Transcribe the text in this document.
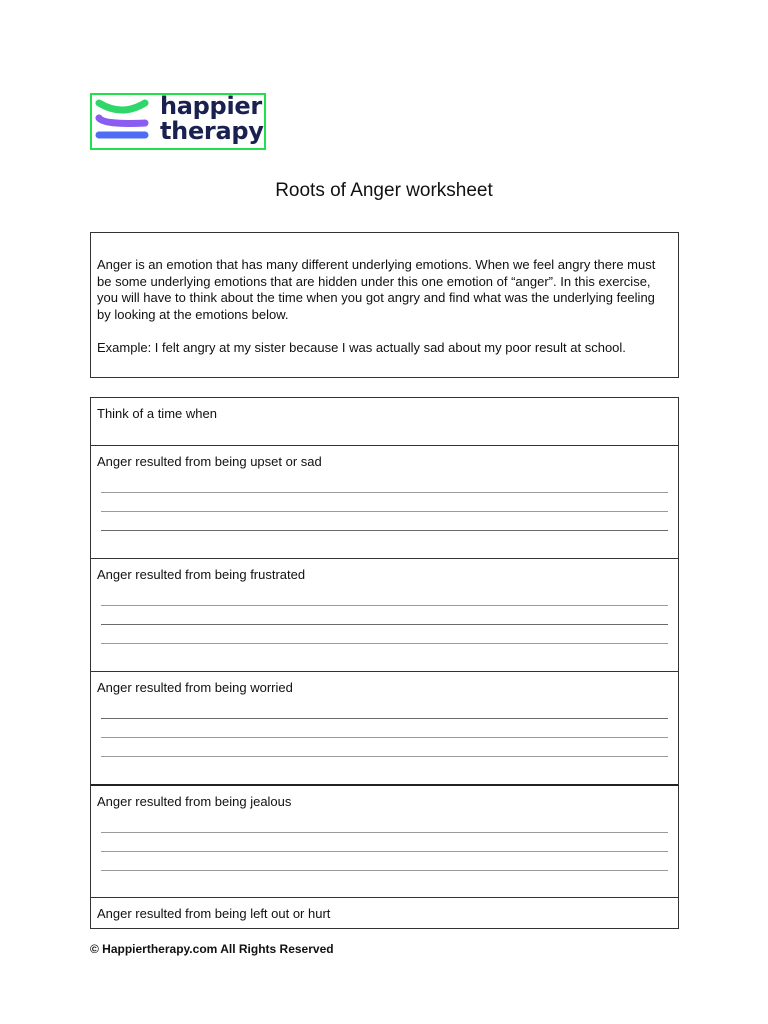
happier
therapy
Roots of Anger worksheet

Anger is an emotion that has many different underlying emotions. When we feel angry there must be some underlying emotions that are hidden under this one emotion of “anger”. In this exercise, you will have to think about the time when you got angry and find what was the underlying feeling by looking at the emotions below.

Example: I felt angry at my sister because I was actually sad about my poor result at school.

Think of a time when
Anger resulted from being upset or sad
Anger resulted from being frustrated
Anger resulted from being worried
Anger resulted from being jealous
Anger resulted from being left out or hurt
© Happiertherapy.com All Rights Reserved
